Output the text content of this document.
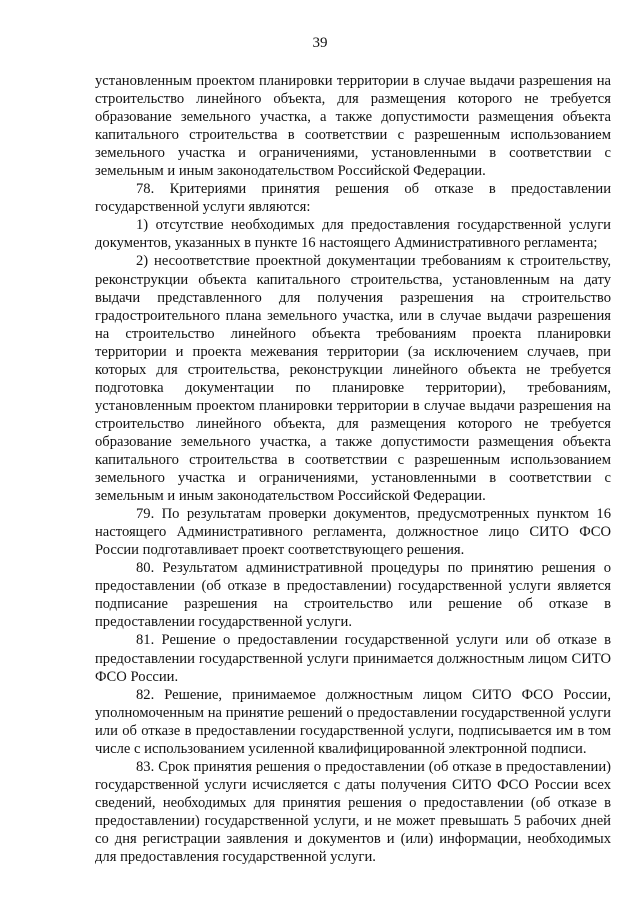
39

установленным проектом планировки территории в случае выдачи разрешения на строительство линейного объекта, для размещения которого не требуется образование земельного участка, а также допустимости размещения объекта капитального строительства в соответствии с разрешенным использованием земельного участка и ограничениями, установленными в соответствии с земельным и иным законодательством Российской Федерации.

78. Критериями принятия решения об отказе в предоставлении государственной услуги являются:

1) отсутствие необходимых для предоставления государственной услуги документов, указанных в пункте 16 настоящего Административного регламента;

2) несоответствие проектной документации требованиям к строительству, реконструкции объекта капитального строительства, установленным на дату выдачи представленного для получения разрешения на строительство градостроительного плана земельного участка, или в случае выдачи разрешения на строительство линейного объекта требованиям проекта планировки территории и проекта межевания территории (за исключением случаев, при которых для строительства, реконструкции линейного объекта не требуется подготовка документации по планировке территории), требованиям, установленным проектом планировки территории в случае выдачи разрешения на строительство линейного объекта, для размещения которого не требуется образование земельного участка, а также допустимости размещения объекта капитального строительства в соответствии с разрешенным использованием земельного участка и ограничениями, установленными в соответствии с земельным и иным законодательством Российской Федерации.

79. По результатам проверки документов, предусмотренных пунктом 16 настоящего Административного регламента, должностное лицо СИТО ФСО России подготавливает проект соответствующего решения.

80. Результатом административной процедуры по принятию решения о предоставлении (об отказе в предоставлении) государственной услуги является подписание разрешения на строительство или решение об отказе в предоставлении государственной услуги.

81. Решение о предоставлении государственной услуги или об отказе в предоставлении государственной услуги принимается должностным лицом СИТО ФСО России.

82. Решение, принимаемое должностным лицом СИТО ФСО России, уполномоченным на принятие решений о предоставлении государственной услуги или об отказе в предоставлении государственной услуги, подписывается им в том числе с использованием усиленной квалифицированной электронной подписи.

83. Срок принятия решения о предоставлении (об отказе в предоставлении) государственной услуги исчисляется с даты получения СИТО ФСО России всех сведений, необходимых для принятия решения о предоставлении (об отказе в предоставлении) государственной услуги, и не может превышать 5 рабочих дней со дня регистрации заявления и документов и (или) информации, необходимых для предоставления государственной услуги.
